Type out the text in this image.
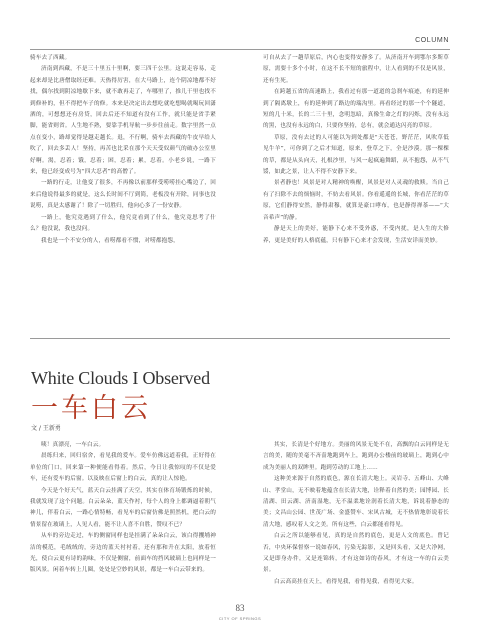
COLUMN

骑车去了西藏。

济南到西藏，不是三十里五十里啊，要三四千公里。这说走容易，走起来却是比唐僧取经还难。天热得厉害，在大马路上，连个阴凉地都不好找，偶尔找到阴凉地歇下来，就不敢再走了，车哪里了，推儿干里也找不到修补的，但不得把车子的修。本来是决定出去想吃就吃想喝就喝玩回潇洒的，可想想还有房贷，回去后还不知道有没有工作，就只能是省手紧脚，能省则省。人生地不熟，要靠手机导航一步步往前走。数字里然一点点在变小，路却觉得是越走越长。退，不行啊，骑车去西藏的牛皮早给人吹了，回去多丢人！坚持，再苦也比采在那个天天受奴颜气的破办公室里好啊。渴，忍着；饿，忍着；困，忍着；累，忍着。小老乡说，一路下来，他已经变成号为“四大忍者”的高僧了。

一路的行走，让他变了很多，不再像以前那样受唠唠挂心嘴边了，回来后他说得最多的就是，这么长时间不厅到简，老板没有开除，同事也没说唠，真是太感谢了！除了一切胜归，他向心多了一份安静。

一路上，他究竟遇到了什么，他究竟看到了什么，他究竟思考了什么？他没说，我也没问。

我也是一个不安分的人，看唠都看不惯，对唠都抱怨，

可自从去了一趟草原后，内心也变得安静多了。从济南开车到鄂尔多斯草原，需要十多个小时，在这不长不短的旅程中，让人看到的不仅是风景，还有生死。

在跨越五省的高速路上，我看过有那一道道的急刹车痕迹，有的延伸到了隔离墩上，有的延伸到了路边的瑞沟里。再看经过的那一个个隧道，短的几十米，长的二三十里，念明忽暗，真像生命之灯的闪烁，没有永远的黑，也没有永远的白，只要你坚持，总有，就会通达闪亮的草原。

草原，没有去过的人可能以为到处都是“天苍苍，野茫茫，风吹草低见牛羊”，可你到了之后才知道，原来，登草之下，全是沙漠。那一棵棵的草，都是从头向天，扎根沙里，与风一起疯遍舞蹈，从不抱怨，从不气馁，如此之景，让人不得不安静下来。

景者静也！风景是对人精神的唤醒，风景是对人灵魂的救赎。当自己有了扫除不去的烦恼时，不妨去看风景。你看遥遥的长城，你看茫茫的草原，它们静得安然，静得肃穆，就算是豪口哮布，也是静得禅茶——“大音希声”的静。

静是天上的美好，能静下心来不受外惑，不受内扰，是人生的大修养，更是美好的人格底蕴，只有静下心来才会发现，生活安详而美妙。

White Clouds I Observed
一车白云
文 / 王新勇

咦！真漂亮，一车白云。

晨练归来，回归宿舍，看见我的爱车。爱车仿佛远道着我，正好得在单位的门口，回来第一种便能看得着。然后，今日让我惊叹的不仅是爱车，还有爱车的后窗。以及映在后窗上的白云，真的让人惊艳。

今天是个好天气，蓝天白云挂满了天空，其实在体育场锻炼的时候，我就发现了这个问题。白云朵朵，蓝天作衬，每个人的身上都调逼着朝气神儿，伴着白云，一路心情特畅，看见车的后窗仿佛是照然机，把白云的情景留在玻璃上，人见人看，能不让人喜不自胜，赞叹不已？

从车的旁边走过，车的侧窗同样也是挂满了朵朵白云，该白得攫埔神洁的模范，毛绒绒的，旁边的蓝天衬衬着，还有那和升在太阳，放着恒光，使白云更有诗的韵味，不仅是侧窗，前面车的挡风玻璃上也同样是一版风景。闲着车转上儿圈，处处是空妙的风景，都是一车白云带来的。

其实，长清是个好地方。美丽的风景无处不在，高飘的白云同样是无言的美，随的美毫不吝啬地跑到车上，跑到办公楼前的玻璃上，跑到心中成为美丽人的双眸里。跑到劳动的工地上……

这种美来源于自然的底色，源在长清大地上。灵岩寺、五峰山、大峰山、孝堂山，无不映着地蕴含在长清大地，诠释着自然的美；园博园、长清湖、田云湖、济南湿地，无不温柔地诠润着长清大地，诉说着静态的美；文昌山公园、世茂广场、金盛赞车、宋风古城，无不热情地彰说着长清大地，感叹着人文之美。所有这些，白云都能看得见。

白云之所以能够看见，真的是自然的底色，更是人文的底色。曾记否，中央环保督察一说如春风，污染无踪影，又是回头看，又是大净网，又是即身办件，又是连锦转，才有这如诗的春风，才有这一车的白云美景。

白云高高挂在天上，看得见我，看得见我，看得见大家。

83
CITY OF SPRINGS
